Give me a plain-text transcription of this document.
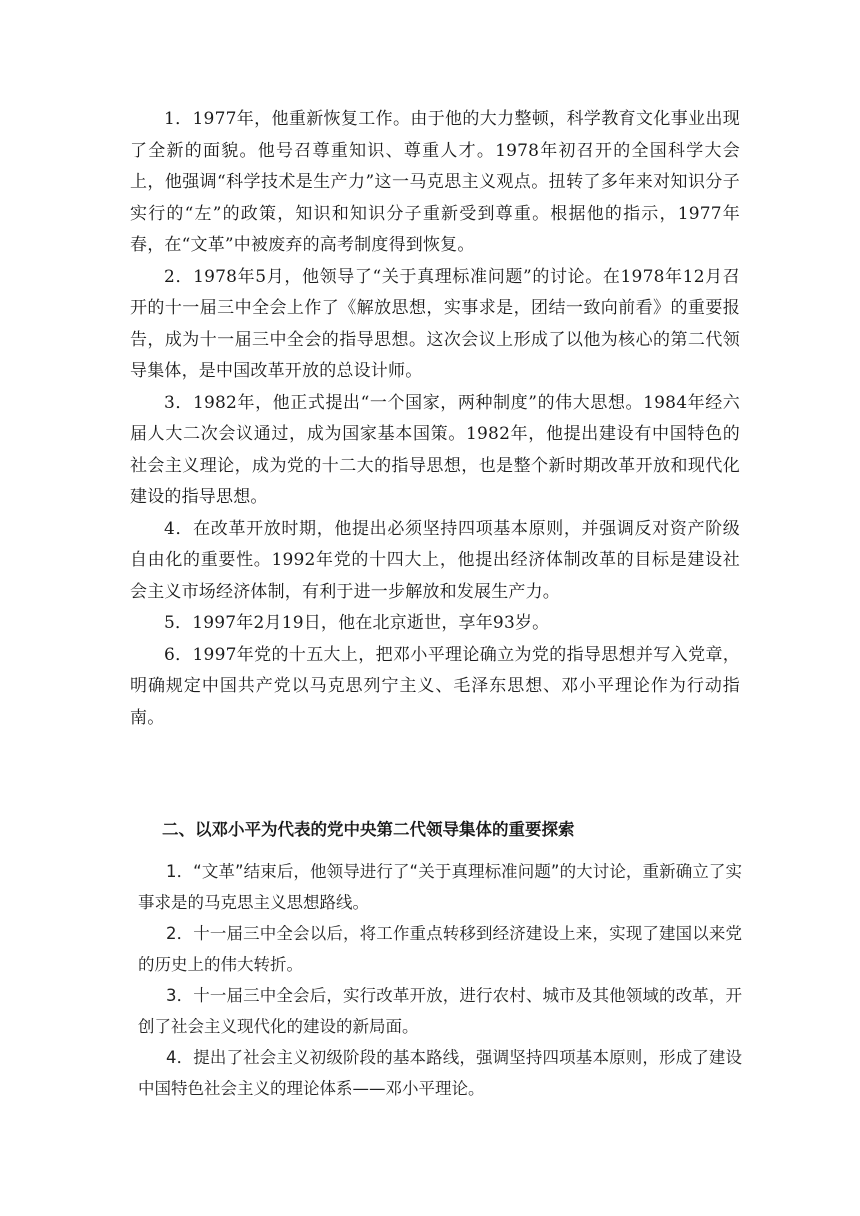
1．1977年，他重新恢复工作。由于他的大力整顿，科学教育文化事业出现了全新的面貌。他号召尊重知识、尊重人才。1978年初召开的全国科学大会上，他强调“科学技术是生产力”这一马克思主义观点。扭转了多年来对知识分子实行的“左”的政策，知识和知识分子重新受到尊重。根据他的指示，1977年春，在“文革”中被废弃的高考制度得到恢复。

2．1978年5月，他领导了“关于真理标准问题”的讨论。在1978年12月召开的十一届三中全会上作了《解放思想，实事求是，团结一致向前看》的重要报告，成为十一届三中全会的指导思想。这次会议上形成了以他为核心的第二代领导集体，是中国改革开放的总设计师。

3．1982年，他正式提出“一个国家，两种制度”的伟大思想。1984年经六届人大二次会议通过，成为国家基本国策。1982年，他提出建设有中国特色的社会主义理论，成为党的十二大的指导思想，也是整个新时期改革开放和现代化建设的指导思想。

4．在改革开放时期，他提出必须坚持四项基本原则，并强调反对资产阶级自由化的重要性。1992年党的十四大上，他提出经济体制改革的目标是建设社会主义市场经济体制，有利于进一步解放和发展生产力。

5．1997年2月19日，他在北京逝世，享年93岁。

6．1997年党的十五大上，把邓小平理论确立为党的指导思想并写入党章，明确规定中国共产党以马克思列宁主义、毛泽东思想、邓小平理论作为行动指南。

二、以邓小平为代表的党中央第二代领导集体的重要探索

1．“文革”结束后，他领导进行了“关于真理标准问题”的大讨论，重新确立了实事求是的马克思主义思想路线。

2．十一届三中全会以后，将工作重点转移到经济建设上来，实现了建国以来党的历史上的伟大转折。

3．十一届三中全会后，实行改革开放，进行农村、城市及其他领域的改革，开创了社会主义现代化的建设的新局面。

4．提出了社会主义初级阶段的基本路线，强调坚持四项基本原则，形成了建设中国特色社会主义的理论体系——邓小平理论。
